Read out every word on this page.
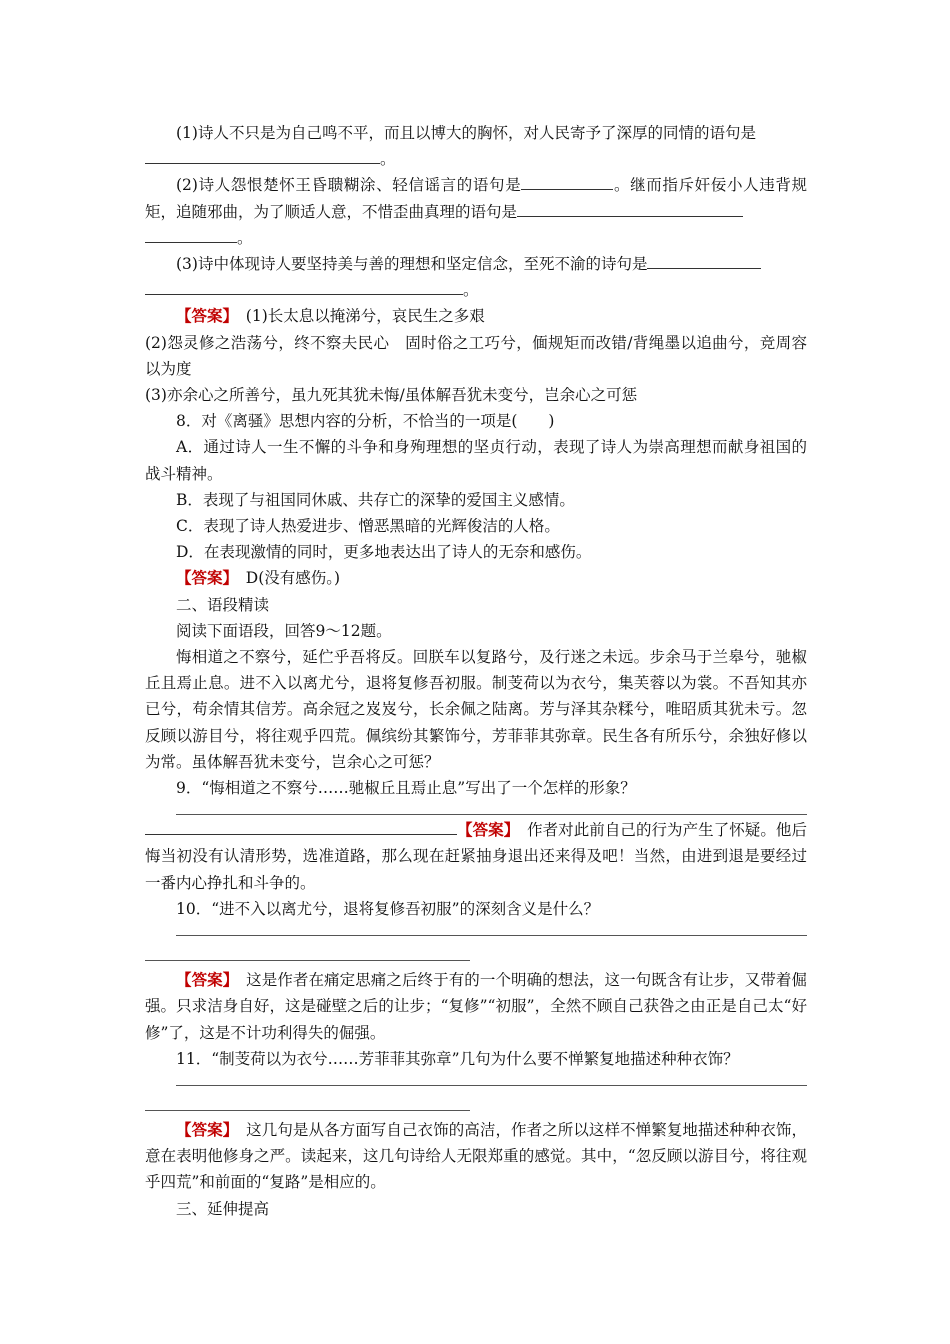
(1)诗人不只是为自己鸣不平，而且以博大的胸怀，对人民寄予了深厚的同情的语句是

。

(2)诗人怨恨楚怀王昏聩糊涂、轻信谣言的语句是	。继而指斥奸佞小人违背规矩，追随邪曲，为了顺适人意，不惜歪曲真理的语句是

。

(3)诗中体现诗人要坚持美与善的理想和坚定信念，至死不渝的诗句是

。

【答案】　 (1)长太息以掩涕兮，哀民生之多艰

(2)怨灵修之浩荡兮，终不察夫民心　固时俗之工巧兮，偭规矩而改错/背绳墨以追曲兮，竞周容以为度

(3)亦余心之所善兮，虽九死其犹未悔/虽体解吾犹未变兮，岂余心之可惩

8．对《离骚》思想内容的分析，不恰当的一项是(　　)

A．通过诗人一生不懈的斗争和身殉理想的坚贞行动，表现了诗人为崇高理想而献身祖国的战斗精神。

B．表现了与祖国同休戚、共存亡的深挚的爱国主义感情。

C．表现了诗人热爱进步、憎恶黑暗的光辉俊洁的人格。

D．在表现激情的同时，更多地表达出了诗人的无奈和感伤。

【答案】　D(没有感伤。)

二、语段精读

阅读下面语段，回答9～12题。

悔相道之不察兮，延伫乎吾将反。回朕车以复路兮，及行迷之未远。步余马于兰皋兮，驰椒丘且焉止息。进不入以离尤兮，退将复修吾初服。制芰荷以为衣兮，集芙蓉以为裳。不吾知其亦已兮，苟余情其信芳。高余冠之岌岌兮，长余佩之陆离。芳与泽其杂糅兮，唯昭质其犹未亏。忽反顾以游目兮，将往观乎四荒。佩缤纷其繁饰兮，芳菲菲其弥章。民生各有所乐兮，余独好修以为常。虽体解吾犹未变兮，岂余心之可惩？

9．“悔相道之不察兮……驰椒丘且焉止息”写出了一个怎样的形象？

【答案】　作者对此前自己的行为产生了怀疑。他后悔当初没有认清形势，选准道路，那么现在赶紧抽身退出还来得及吧！当然，由进到退是要经过一番内心挣扎和斗争的。

10．“进不入以离尤兮，退将复修吾初服”的深刻含义是什么？

【答案】　这是作者在痛定思痛之后终于有的一个明确的想法，这一句既含有让步，又带着倔强。只求洁身自好，这是碰壁之后的让步；“复修”“初服”，全然不顾自己获咎之由正是自己太“好修”了，这是不计功利得失的倔强。

11．“制芰荷以为衣兮……芳菲菲其弥章”几句为什么要不惮繁复地描述种种衣饰？

【答案】　这几句是从各方面写自己衣饰的高洁，作者之所以这样不惮繁复地描述种种衣饰，意在表明他修身之严。读起来，这几句诗给人无限郑重的感觉。其中，“忽反顾以游目兮，将往观乎四荒”和前面的“复路”是相应的。

三、延伸提高
